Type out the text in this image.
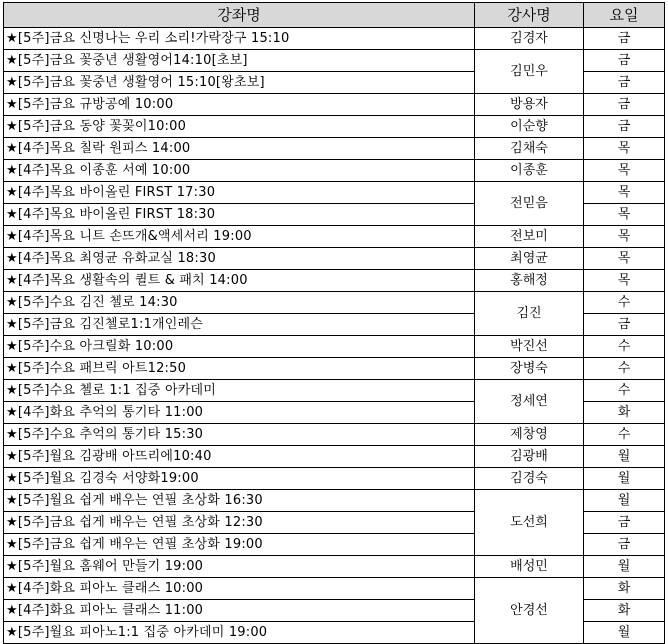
강좌명	강사명	요일
★[5주]금요 신명나는 우리 소리!가락장구 15:10	김경자	금
★[5주]금요 꽃중년 생활영어14:10[초보]	김민우	금
★[5주]금요 꽃중년 생활영어 15:10[왕초보]		금
★[5주]금요 규방공예 10:00	방용자	금
★[5주]금요 동양 꽃꽂이10:00	이순향	금
★[4주]목요 칠락 원피스 14:00	김채숙	목
★[4주]목요 이종훈 서예 10:00	이종훈	목
★[4주]목요 바이올린 FIRST 17:30	전믿음	목
★[4주]목요 바이올린 FIRST 18:30		목
★[4주]목요 니트 손뜨개&액세서리 19:00	전보미	목
★[4주]목요 최영균 유화교실 18:30	최영균	목
★[4주]목요 생활속의 퀼트 & 패치 14:00	홍해정	목
★[5주]수요 김진 첼로 14:30	김진	수
★[5주]금요 김진첼로1:1개인레슨		금
★[5주]수요 아크릴화 10:00	박진선	수
★[5주]수요 패브릭 아트12:50	장병숙	수
★[5주]수요 첼로 1:1 집중 아카데미	정세연	수
★[4주]화요 추억의 통기타 11:00		화
★[5주]수요 추억의 통기타 15:30	제창영	수
★[5주]월요 김광배 아뜨리에10:40	김광배	월
★[5주]월요 김경숙 서양화19:00	김경숙	월
★[5주]월요 쉽게 배우는 연필 초상화 16:30	도선희	월
★[5주]금요 쉽게 배우는 연필 초상화 12:30		금
★[5주]금요 쉽게 배우는 연필 초상화 19:00		금
★[5주]월요 홈웨어 만들기 19:00	배성민	월
★[4주]화요 피아노 클래스 10:00	안경선	화
★[4주]화요 피아노 클래스 11:00		화
★[5주]월요 피아노1:1 집중 아카데미 19:00		월
